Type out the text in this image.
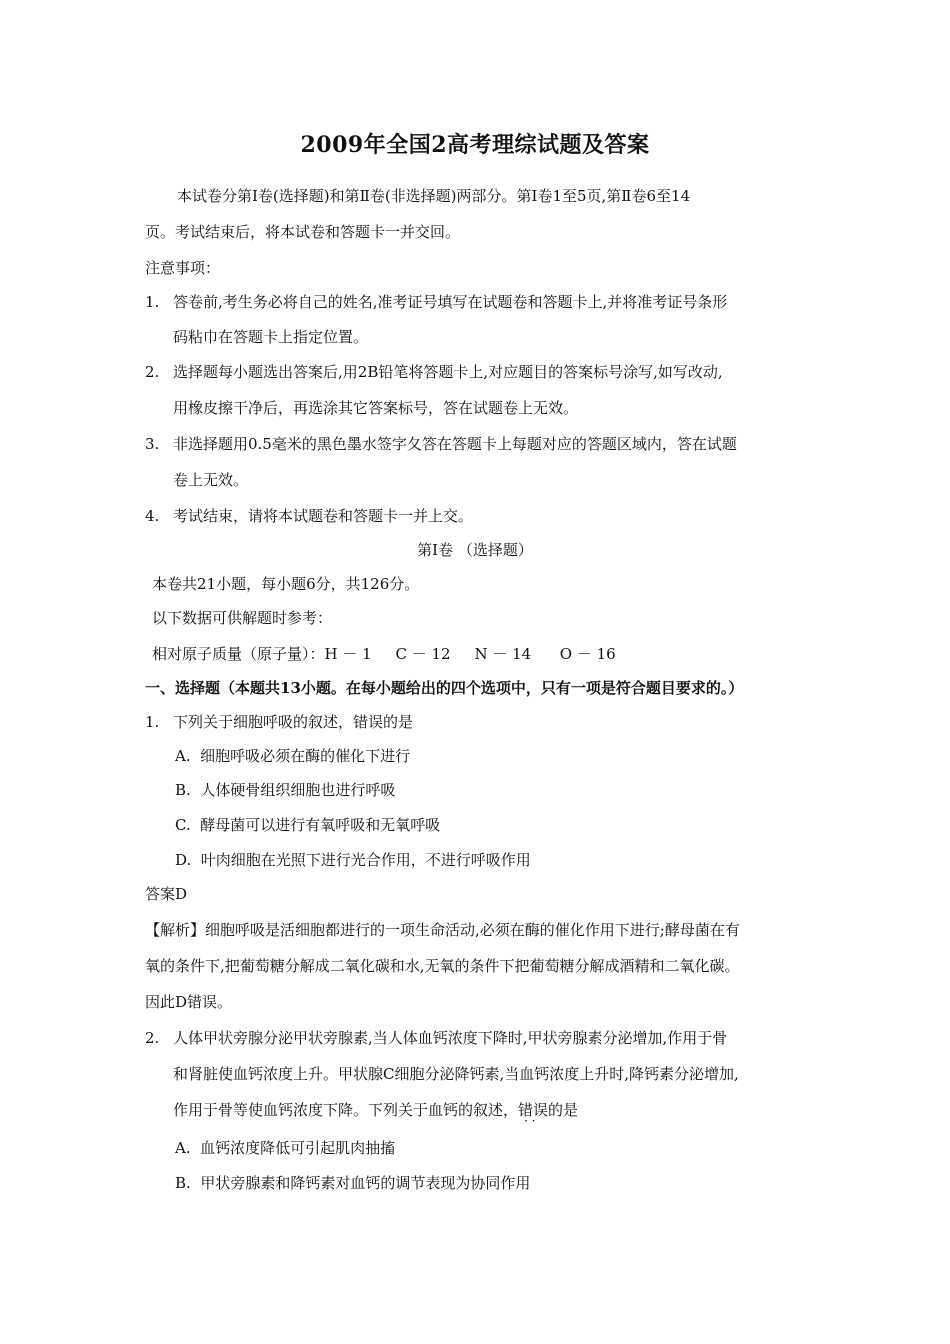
2009年全国2高考理综试题及答案
本试卷分第Ⅰ卷(选择题)和第Ⅱ卷(非选择题)两部分。第Ⅰ卷1至5页,第Ⅱ卷6至14
页。考试结束后，将本试卷和答题卡一并交回。
注意事项：
1. 答卷前,考生务必将自己的姓名,准考证号填写在试题卷和答题卡上,并将准考证号条形
码粘巾在答题卡上指定位置。
2. 选择题每小题选出答案后,用2B铅笔将答题卡上,对应题目的答案标号涂写,如写改动,
用橡皮擦干净后，再选涂其它答案标号，答在试题卷上无效。
3. 非选择题用0.5毫米的黑色墨水签字夂答在答题卡上每题对应的答题区域内，答在试题
卷上无效。
4. 考试结束，请将本试题卷和答题卡一并上交。
第Ⅰ卷 （选择题）
本卷共21小题，每小题6分，共126分。
以下数据可供解题时参考：
相对原子质量（原子量）：H － 1     C － 12     N － 14      O － 16
一、选择题（本题共13小题。在每小题给出的四个选项中，只有一项是符合题目要求的。）
1. 下列关于细胞呼吸的叙述，错误的是
A.  细胞呼吸必须在酶的催化下进行
B.  人体硬骨组织细胞也进行呼吸
C.  酵母菌可以进行有氧呼吸和无氧呼吸
D.  叶肉细胞在光照下进行光合作用，不进行呼吸作用
答案D
【解析】细胞呼吸是活细胞都进行的一项生命活动,必须在酶的催化作用下进行;酵母菌在有
氧的条件下,把葡萄糖分解成二氧化碳和水,无氧的条件下把葡萄糖分解成酒精和二氧化碳。
因此D错误。
2. 人体甲状旁腺分泌甲状旁腺素,当人体血钙浓度下降时,甲状旁腺素分泌增加,作用于骨
和肾脏使血钙浓度上升。甲状腺C细胞分泌降钙素,当血钙浓度上升时,降钙素分泌增加,
作用于骨等使血钙浓度下降。下列关于血钙的叙述，错误 · ·的是
A.  血钙浓度降低可引起肌肉抽搐
B.  甲状旁腺素和降钙素对血钙的调节表现为协同作用
